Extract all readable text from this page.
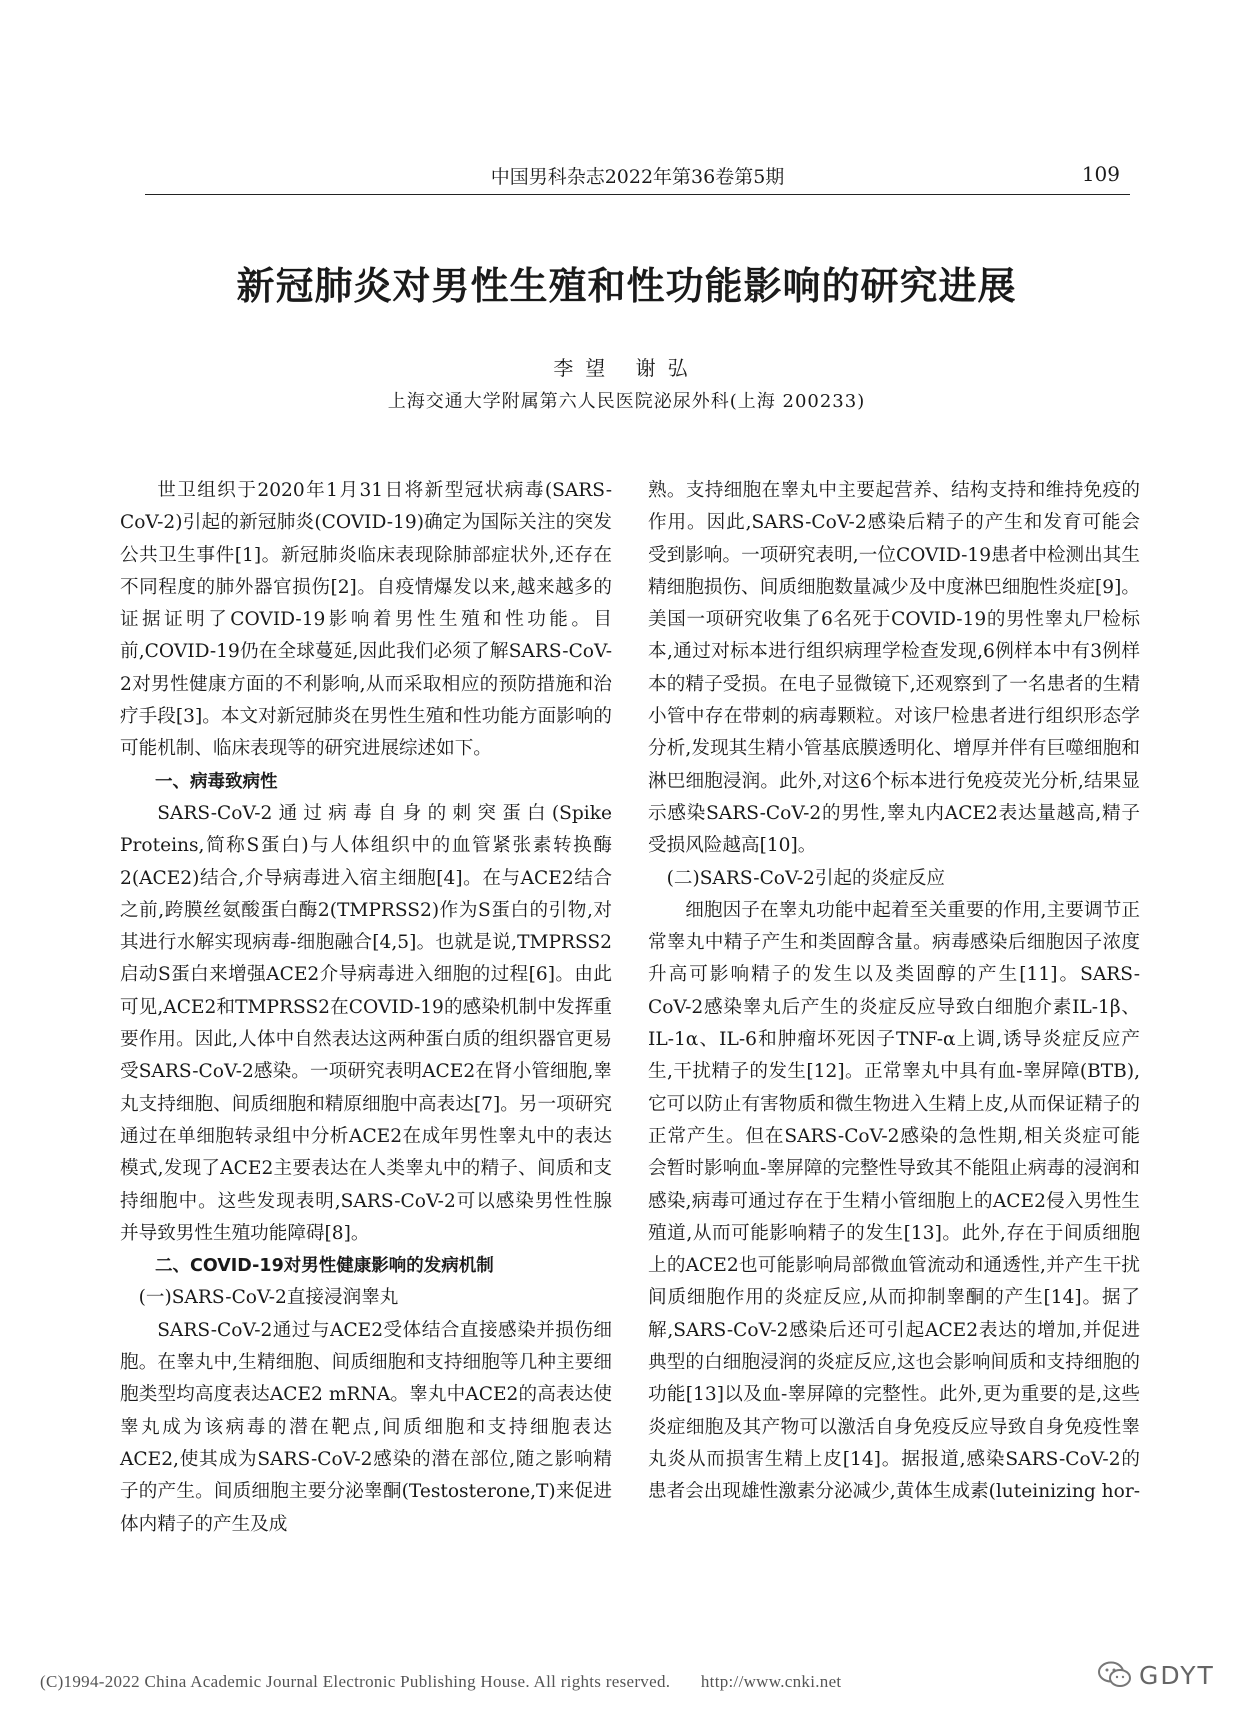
中国男科杂志2022年第36卷第5期	109
新冠肺炎对男性生殖和性功能影响的研究进展
李望 谢弘
上海交通大学附属第六人民医院泌尿外科(上海 200233)

世卫组织于2020年1月31日将新型冠状病毒(SARS-CoV-2)引起的新冠肺炎(COVID-19)确定为国际关注的突发公共卫生事件[1]。新冠肺炎临床表现除肺部症状外,还存在不同程度的肺外器官损伤[2]。自疫情爆发以来,越来越多的证据证明了COVID-19影响着男性生殖和性功能。目前,COVID-19仍在全球蔓延,因此我们必须了解SARS-CoV-2对男性健康方面的不利影响,从而采取相应的预防措施和治疗手段[3]。本文对新冠肺炎在男性生殖和性功能方面影响的可能机制、临床表现等的研究进展综述如下。

一、病毒致病性

SARS-CoV-2通过病毒自身的刺突蛋白(Spike Proteins,简称S蛋白)与人体组织中的血管紧张素转换酶2(ACE2)结合,介导病毒进入宿主细胞[4]。在与ACE2结合之前,跨膜丝氨酸蛋白酶2(TMPRSS2)作为S蛋白的引物,对其进行水解实现病毒-细胞融合[4,5]。也就是说,TMPRSS2启动S蛋白来增强ACE2介导病毒进入细胞的过程[6]。由此可见,ACE2和TMPRSS2在COVID-19的感染机制中发挥重要作用。因此,人体中自然表达这两种蛋白质的组织器官更易受SARS-CoV-2感染。一项研究表明ACE2在肾小管细胞,睾丸支持细胞、间质细胞和精原细胞中高表达[7]。另一项研究通过在单细胞转录组中分析ACE2在成年男性睾丸中的表达模式,发现了ACE2主要表达在人类睾丸中的精子、间质和支持细胞中。这些发现表明,SARS-CoV-2可以感染男性性腺并导致男性生殖功能障碍[8]。

二、COVID-19对男性健康影响的发病机制

(一)SARS-CoV-2直接浸润睾丸

SARS-CoV-2通过与ACE2受体结合直接感染并损伤细胞。在睾丸中,生精细胞、间质细胞和支持细胞等几种主要细胞类型均高度表达ACE2 mRNA。睾丸中ACE2的高表达使睾丸成为该病毒的潜在靶点,间质细胞和支持细胞表达ACE2,使其成为SARS-CoV-2感染的潜在部位,随之影响精子的产生。间质细胞主要分泌睾酮(Testosterone,T)来促进体内精子的产生及成

熟。支持细胞在睾丸中主要起营养、结构支持和维持免疫的作用。因此,SARS-CoV-2感染后精子的产生和发育可能会受到影响。一项研究表明,一位COVID-19患者中检测出其生精细胞损伤、间质细胞数量减少及中度淋巴细胞性炎症[9]。美国一项研究收集了6名死于COVID-19的男性睾丸尸检标本,通过对标本进行组织病理学检查发现,6例样本中有3例样本的精子受损。在电子显微镜下,还观察到了一名患者的生精小管中存在带刺的病毒颗粒。对该尸检患者进行组织形态学分析,发现其生精小管基底膜透明化、增厚并伴有巨噬细胞和淋巴细胞浸润。此外,对这6个标本进行免疫荧光分析,结果显示感染SARS-CoV-2的男性,睾丸内ACE2表达量越高,精子受损风险越高[10]。

(二)SARS-CoV-2引起的炎症反应

细胞因子在睾丸功能中起着至关重要的作用,主要调节正常睾丸中精子产生和类固醇含量。病毒感染后细胞因子浓度升高可影响精子的发生以及类固醇的产生[11]。SARS-CoV-2感染睾丸后产生的炎症反应导致白细胞介素IL-1β、IL-1α、IL-6和肿瘤坏死因子TNF-α上调,诱导炎症反应产生,干扰精子的发生[12]。正常睾丸中具有血-睾屏障(BTB),它可以防止有害物质和微生物进入生精上皮,从而保证精子的正常产生。但在SARS-CoV-2感染的急性期,相关炎症可能会暂时影响血-睾屏障的完整性导致其不能阻止病毒的浸润和感染,病毒可通过存在于生精小管细胞上的ACE2侵入男性生殖道,从而可能影响精子的发生[13]。此外,存在于间质细胞上的ACE2也可能影响局部微血管流动和通透性,并产生干扰间质细胞作用的炎症反应,从而抑制睾酮的产生[14]。据了解,SARS-CoV-2感染后还可引起ACE2表达的增加,并促进典型的白细胞浸润的炎症反应,这也会影响间质和支持细胞的功能[13]以及血-睾屏障的完整性。此外,更为重要的是,这些炎症细胞及其产物可以激活自身免疫反应导致自身免疫性睾丸炎从而损害生精上皮[14]。据报道,感染SARS-CoV-2的患者会出现雄性激素分泌减少,黄体生成素(luteinizing hor-

(C)1994-2022 China Academic Journal Electronic Publishing House. All rights reserved. http://www.cnki.net	GDYT
